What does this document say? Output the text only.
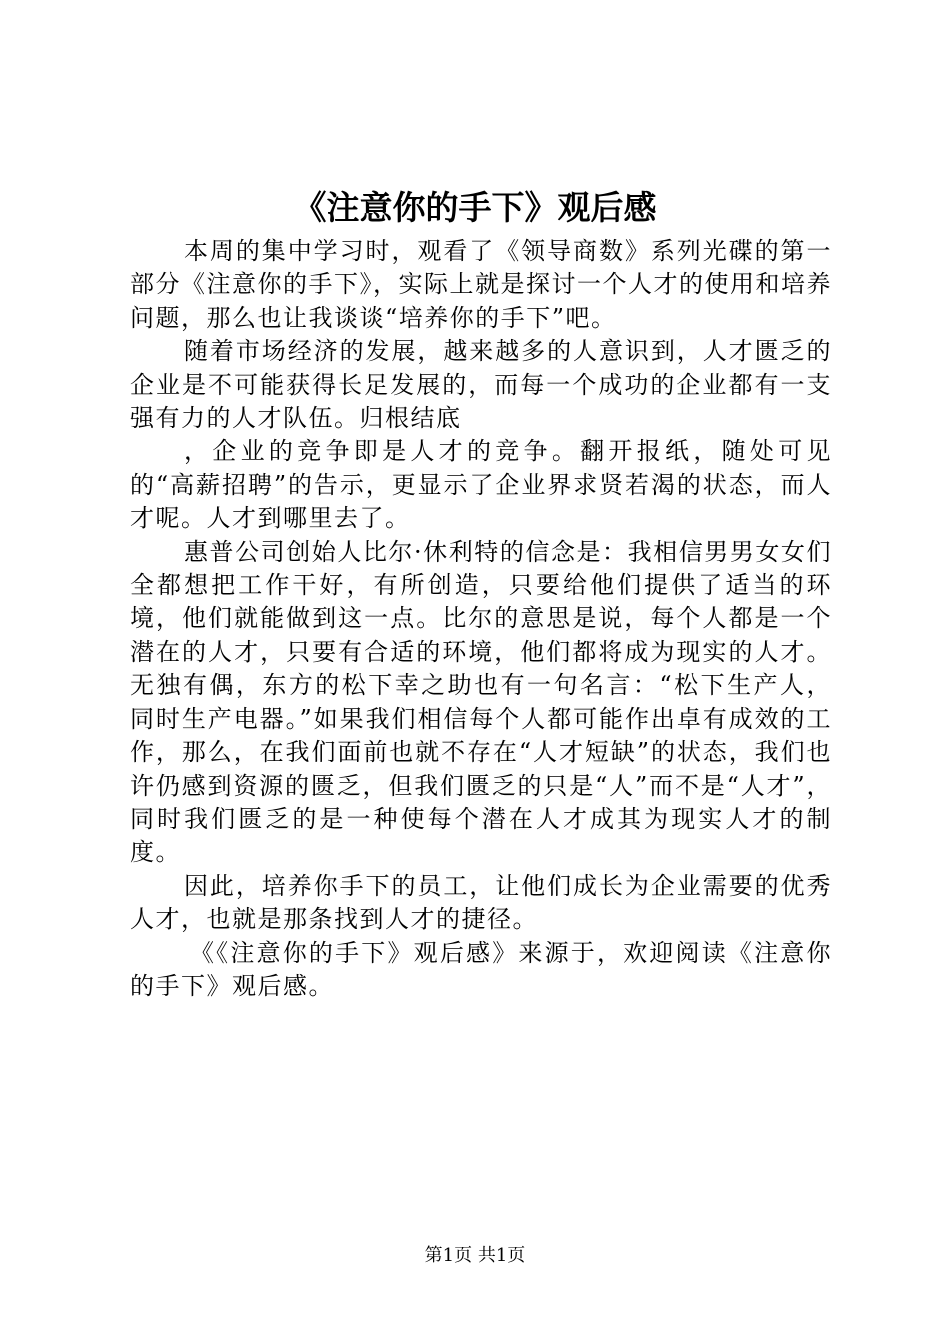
《注意你的手下》观后感

本周的集中学习时，观看了《领导商数》系列光碟的第一部分《注意你的手下》，实际上就是探讨一个人才的使用和培养问题，那么也让我谈谈“培养你的手下”吧。

随着市场经济的发展，越来越多的人意识到，人才匮乏的企业是不可能获得长足发展的，而每一个成功的企业都有一支强有力的人才队伍。归根结底

，企业的竞争即是人才的竞争。翻开报纸，随处可见的“高薪招聘”的告示，更显示了企业界求贤若渴的状态，而人才呢。人才到哪里去了。

惠普公司创始人比尔·休利特的信念是：我相信男男女女们全都想把工作干好，有所创造，只要给他们提供了适当的环境，他们就能做到这一点。比尔的意思是说，每个人都是一个潜在的人才，只要有合适的环境，他们都将成为现实的人才。无独有偶，东方的松下幸之助也有一句名言：“松下生产人，同时生产电器。”如果我们相信每个人都可能作出卓有成效的工作，那么，在我们面前也就不存在“人才短缺”的状态，我们也许仍感到资源的匮乏，但我们匮乏的只是“人”而不是“人才”，同时我们匮乏的是一种使每个潜在人才成其为现实人才的制度。

因此，培养你手下的员工，让他们成长为企业需要的优秀人才，也就是那条找到人才的捷径。

《《注意你的手下》观后感》来源于，欢迎阅读《注意你的手下》观后感。

第1页 共1页
